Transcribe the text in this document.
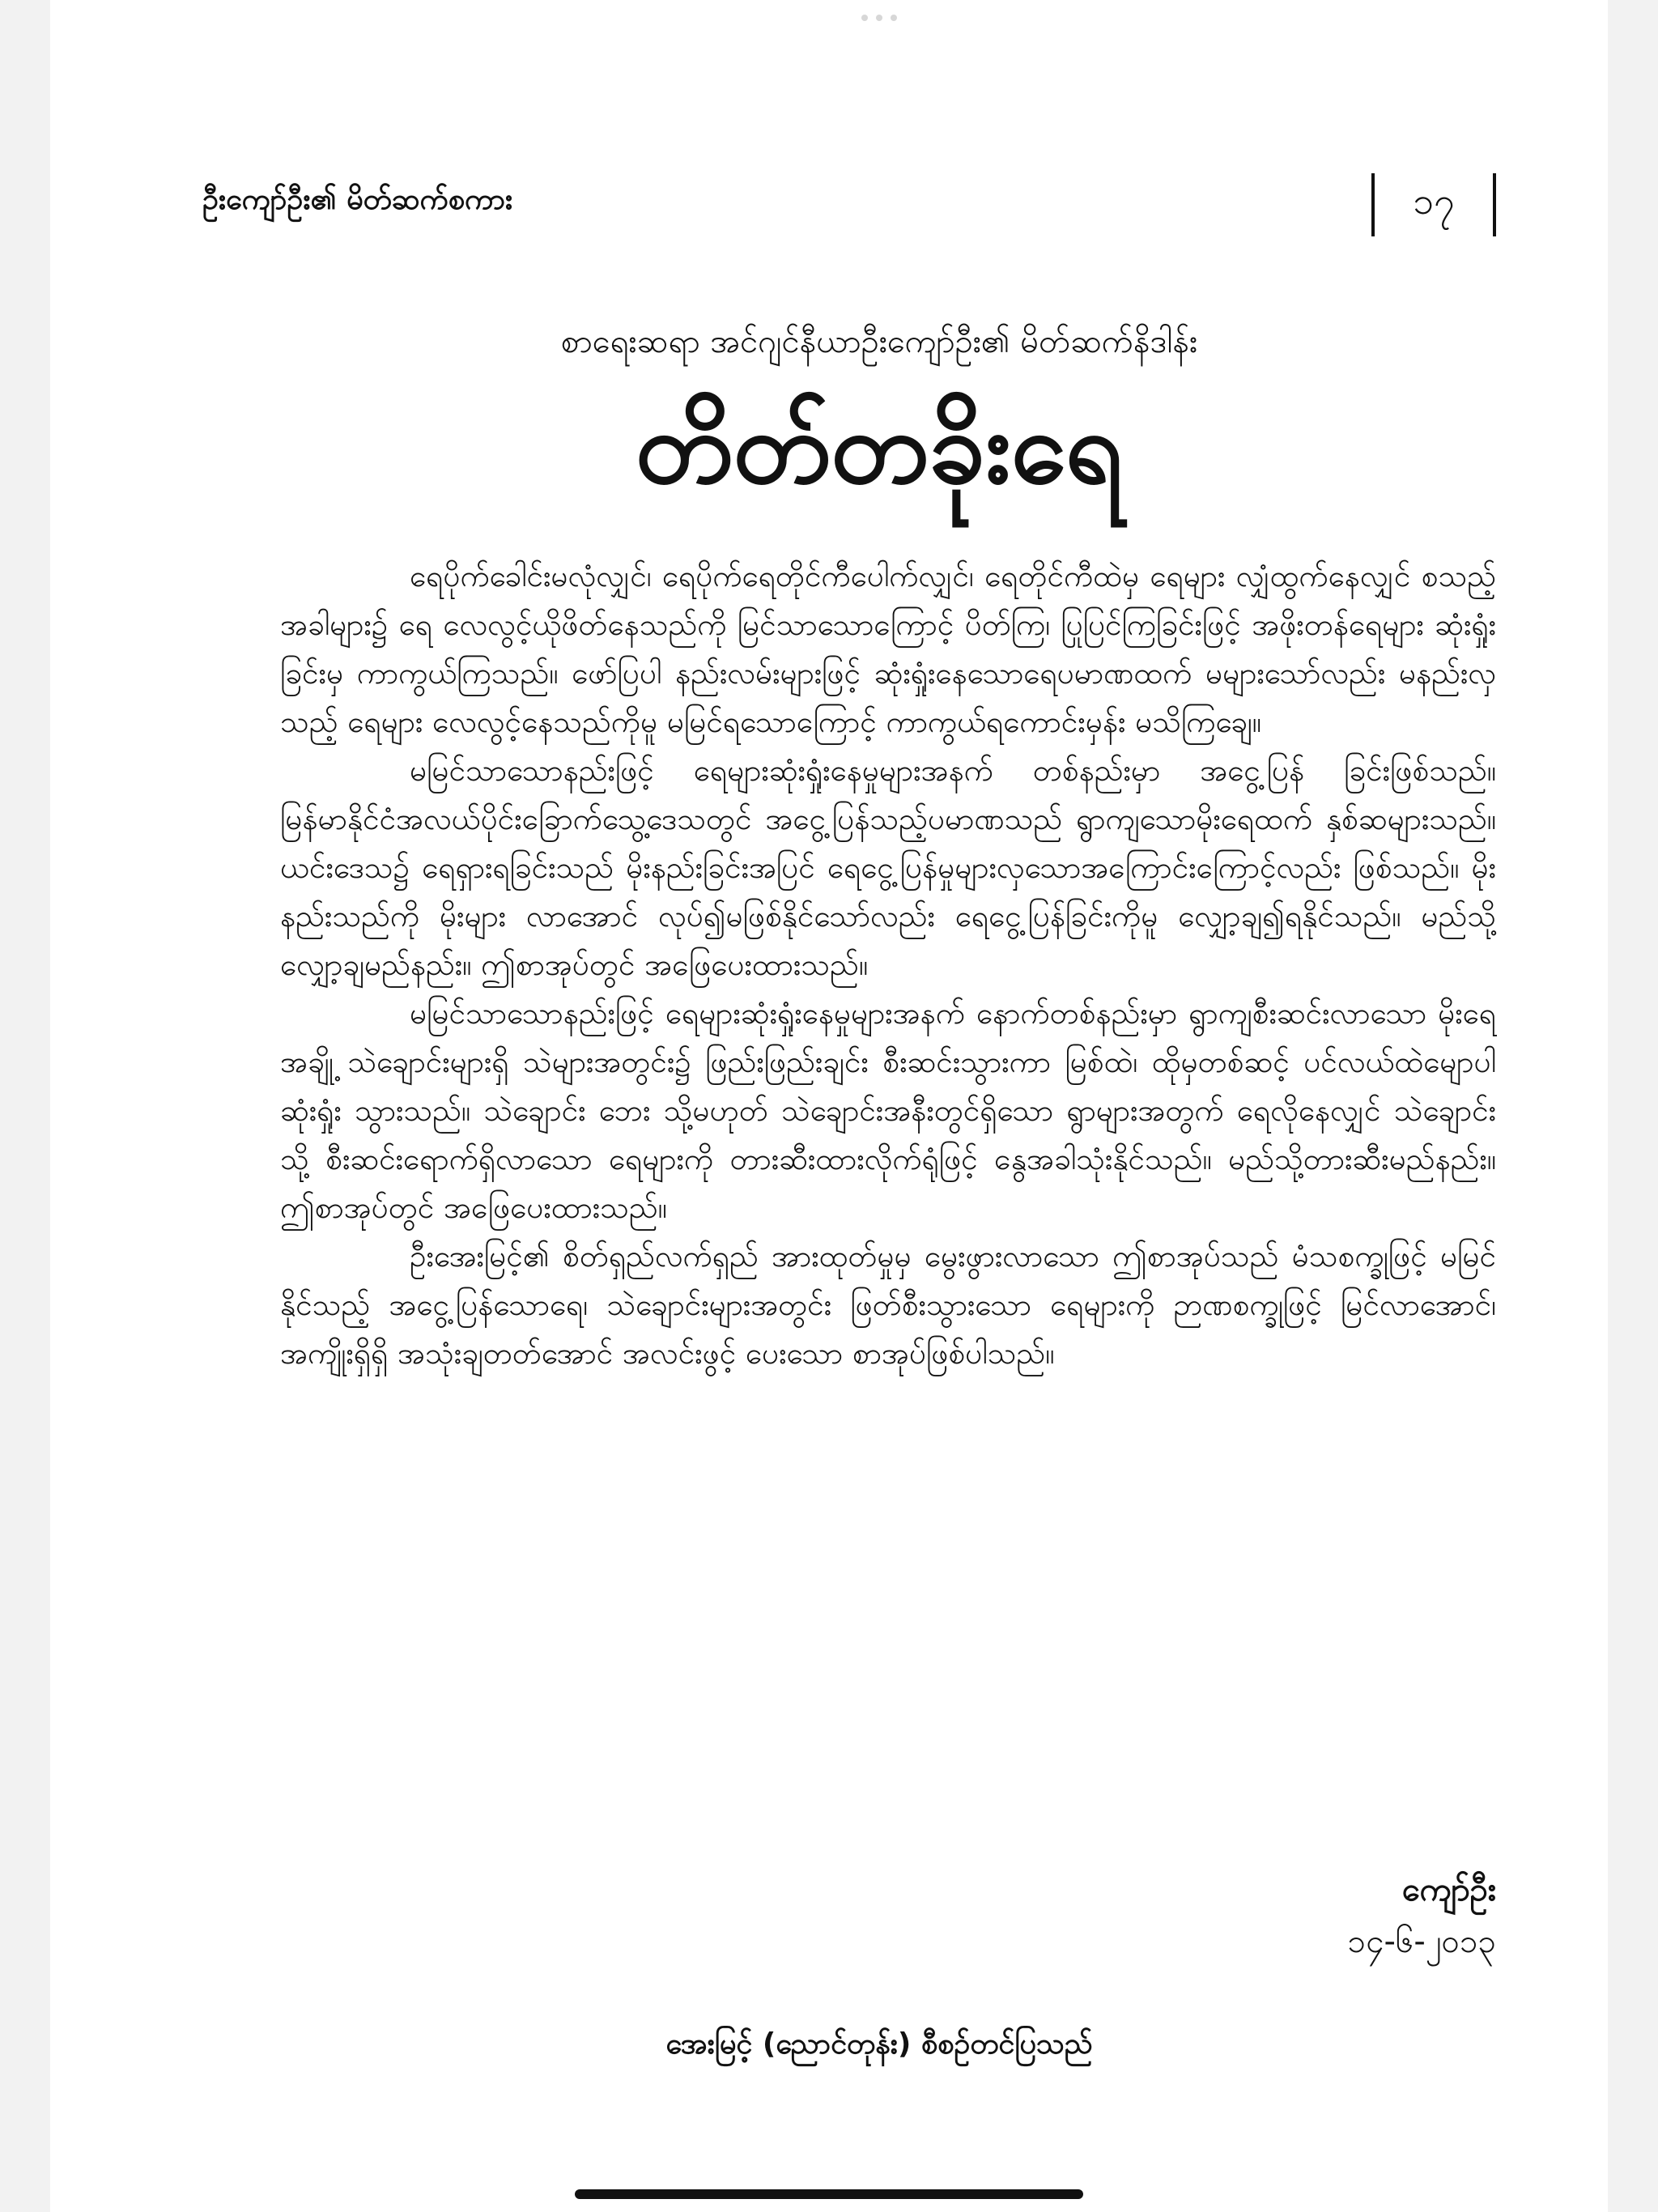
ဦးကျော်ဦး၏ မိတ်ဆက်စကား	၁၇
စာရေးဆရာ အင်ဂျင်နီယာဦးကျော်ဦး၏ မိတ်ဆက်နိဒါန်း
တိတ်တခိုးရေ

ရေပိုက်ခေါင်းမလုံလျှင်၊ ရေပိုက်ရေတိုင်ကီပေါက်လျှင်၊ ရေတိုင်ကီထဲမှ ရေများ လျှံထွက်နေလျှင် စသည့်အခါများ၌ ရေ လေလွင့်ယိုဖိတ်နေသည်ကို မြင်သာသောကြောင့် ပိတ်ကြ၊ ပြုပြင်ကြခြင်းဖြင့် အဖိုးတန်ရေများ ဆုံးရှုံးခြင်းမှ ကာကွယ်ကြသည်။ ဖော်ပြပါ နည်းလမ်းများဖြင့် ဆုံးရှုံးနေသောရေပမာဏထက် မများသော်လည်း မနည်းလှသည့် ရေများ လေလွင့်နေသည်ကိုမူ မမြင်ရသောကြောင့် ကာကွယ်ရကောင်းမှန်း မသိကြချေ။

မမြင်သာသောနည်းဖြင့် ရေများဆုံးရှုံးနေမှုများအနက် တစ်နည်းမှာ အငွေ့ပြန် ခြင်းဖြစ်သည်။ မြန်မာနိုင်ငံအလယ်ပိုင်းခြောက်သွေ့ဒေသတွင် အငွေ့ပြန်သည့်ပမာဏသည် ရွာကျသောမိုးရေထက် နှစ်ဆများသည်။ ယင်းဒေသ၌ ရေရှားရခြင်းသည် မိုးနည်းခြင်းအပြင် ရေငွေ့ပြန်မှုများလှသောအကြောင်းကြောင့်လည်း ဖြစ်သည်။ မိုးနည်းသည်ကို မိုးများ လာအောင် လုပ်၍မဖြစ်နိုင်သော်လည်း ရေငွေ့ပြန်ခြင်းကိုမူ လျှော့ချ၍ရနိုင်သည်။ မည်သို့လျှော့ချမည်နည်း။ ဤစာအုပ်တွင် အဖြေပေးထားသည်။

မမြင်သာသောနည်းဖြင့် ရေများဆုံးရှုံးနေမှုများအနက် နောက်တစ်နည်းမှာ ရွာကျစီးဆင်းလာသော မိုးရေအချို့ သဲချောင်းများရှိ သဲများအတွင်း၌ ဖြည်းဖြည်းချင်း စီးဆင်းသွားကာ မြစ်ထဲ၊ ထိုမှတစ်ဆင့် ပင်လယ်ထဲမျောပါဆုံးရှုံး သွားသည်။ သဲချောင်း ဘေး သို့မဟုတ် သဲချောင်းအနီးတွင်ရှိသော ရွာများအတွက် ရေလိုနေလျှင် သဲချောင်းသို့ စီးဆင်းရောက်ရှိလာသော ရေများကို တားဆီးထားလိုက်ရုံဖြင့် နွေအခါသုံးနိုင်သည်။ မည်သို့တားဆီးမည်နည်း။ ဤစာအုပ်တွင် အဖြေပေးထားသည်။

ဦးအေးမြင့်၏ စိတ်ရှည်လက်ရှည် အားထုတ်မှုမှ မွေးဖွားလာသော ဤစာအုပ်သည် မံသစက္ခုဖြင့် မမြင်နိုင်သည့် အငွေ့ပြန်သောရေ၊ သဲချောင်းများအတွင်း ဖြတ်စီးသွားသော ရေများကို ဉာဏစက္ခုဖြင့် မြင်လာအောင်၊ အကျိုးရှိရှိ အသုံးချတတ်အောင် အလင်းဖွင့် ပေးသော စာအုပ်ဖြစ်ပါသည်။

ကျော်ဦး
၁၄-၆-၂၀၁၃
အေးမြင့် (ညောင်တုန်း) စီစဉ်တင်ပြသည်
